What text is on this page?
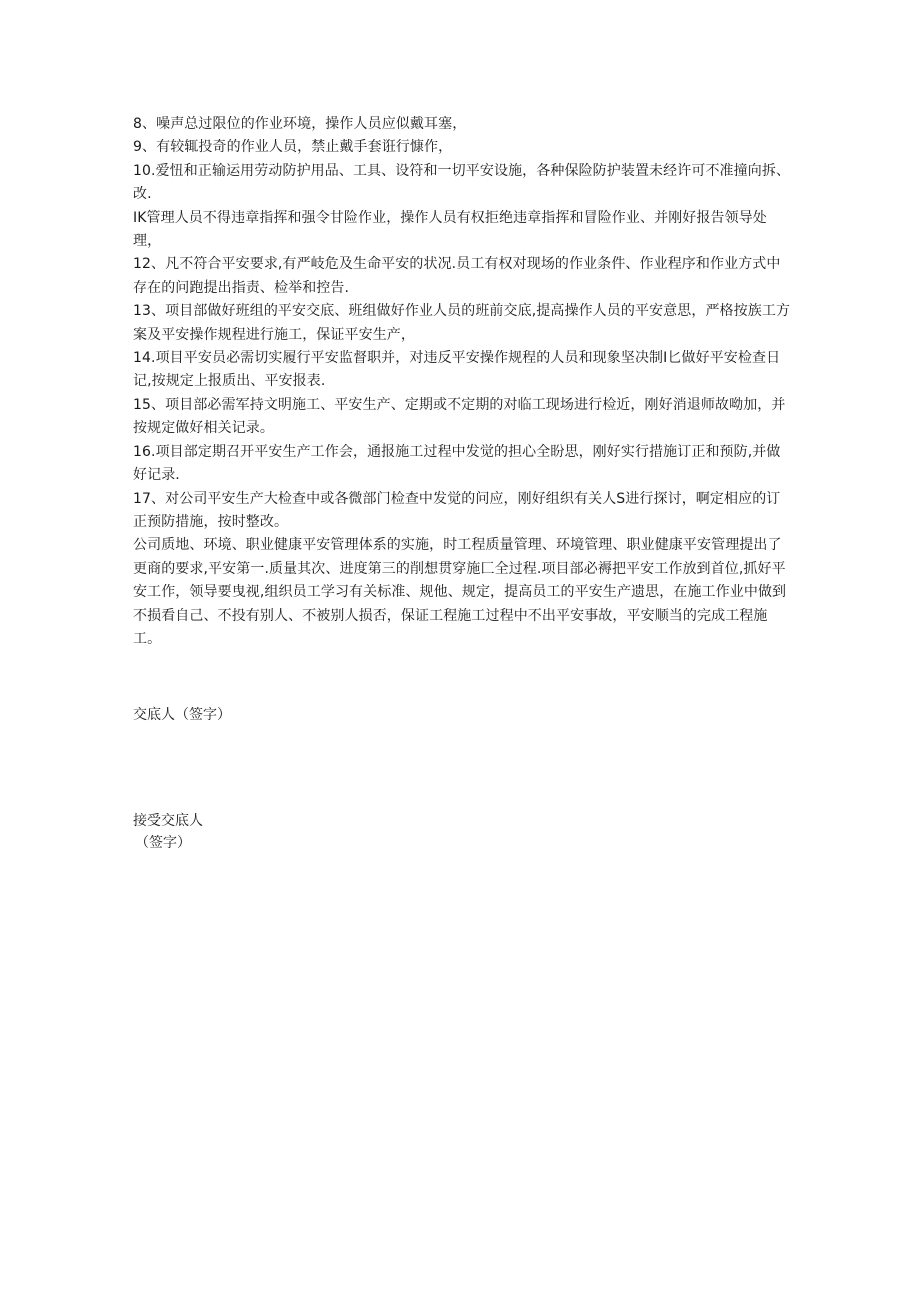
8、噪声总过限位的作业环境，操作人员应似戴耳塞，

9、有较辄投奇的作业人员，禁止戴手套诳行慷作，

10.爱忸和正输运用劳动防护用品、工具、设符和一切平安设施，各种保险防护装置未经许可不准撞向拆、改.

IK管理人员不得违章指挥和强令甘险作业，操作人员有权拒绝违章指挥和冒险作业、并刚好报告领导处理，

12、凡不符合平安要求,有严岐危及生命平安的状况.员工有权对现场的作业条件、作业程序和作业方式中存在的问跑提出指责、检举和控告.

13、项目部做好班组的平安交底、班组做好作业人员的班前交底,提高操作人员的平安意思，严格按族工方案及平安操作规程进行施工，保证平安生产，

14.项目平安员必需切实履行平安监督职并，对违反平安操作规程的人员和现象坚决制I匕做好平安检查日记,按规定上报质出、平安报表.

15、项目部必需军持文明施工、平安生产、定期或不定期的对临工现场进行检近，刚好消退师故呦加，并按规定做好相关记录。

16.项目部定期召开平安生产工作会，通报施工过程中发觉的担心全盼思，刚好实行措施订正和预防,并做好记录.

17、对公司平安生产大检查中或各微部门检查中发觉的问应，刚好组织有关人S进行探讨，啊定相应的订正预防措施，按时整改。

公司质地、环境、职业健康平安管理体系的实施，时工程质量管理、环境管理、职业健康平安管理提出了更商的要求,平安第一.质量其次、进度第三的削想贯穿施匚全过程.项目部必褥把平安工作放到首位,抓好平安工作，领导要曳视,组织员工学习有关标准、规他、规定，提高员工的平安生产遗思，在施工作业中做到不损看自己、不投有别人、不被别人损否，保证工程施工过程中不出平安事故，平安顺当的完成工程施工。

交底人（签字）

接受交底人

（签字）
